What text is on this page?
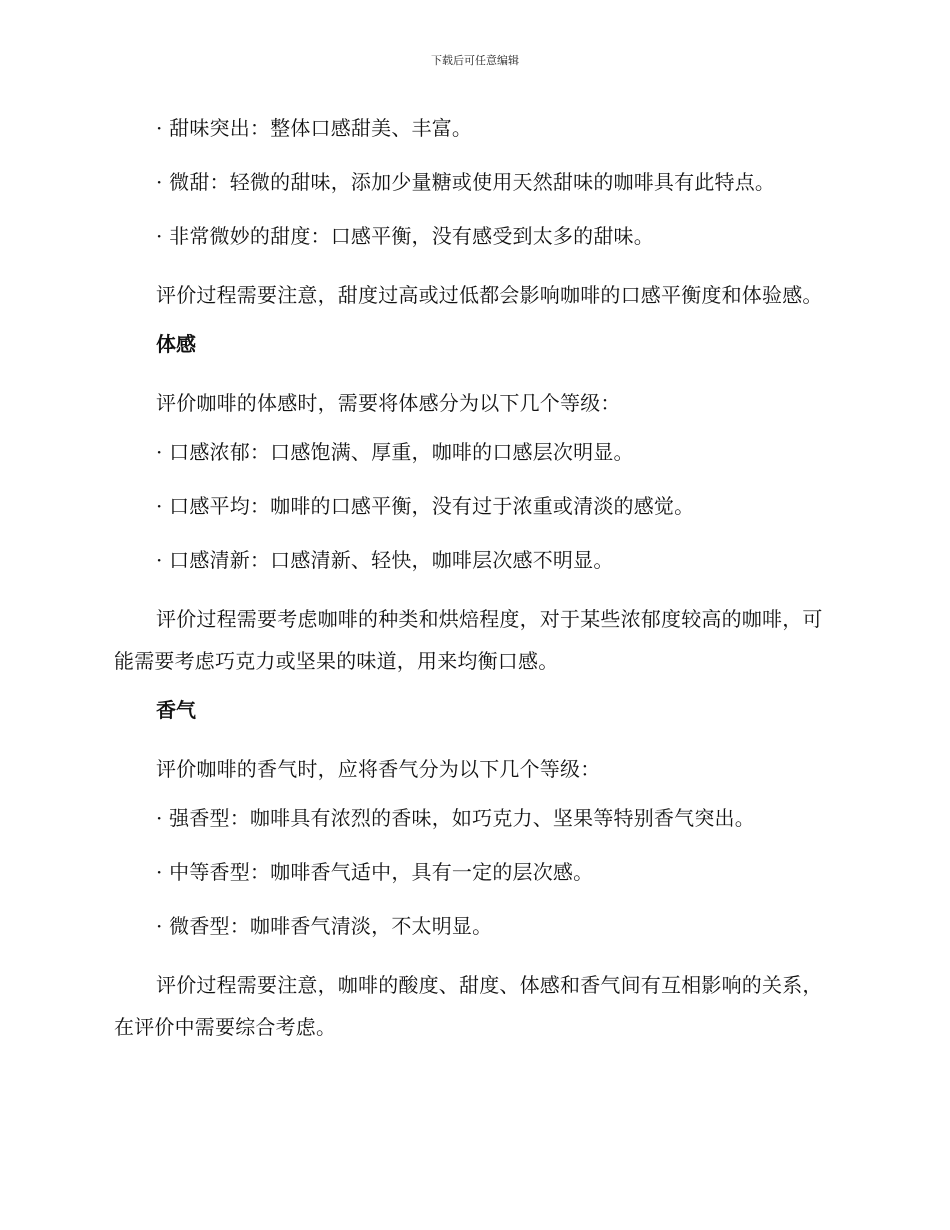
下载后可任意编辑

· 甜味突出：整体口感甜美、丰富。

· 微甜：轻微的甜味，添加少量糖或使用天然甜味的咖啡具有此特点。

· 非常微妙的甜度：口感平衡，没有感受到太多的甜味。

评价过程需要注意，甜度过高或过低都会影响咖啡的口感平衡度和体验感。

体感

评价咖啡的体感时，需要将体感分为以下几个等级：

· 口感浓郁：口感饱满、厚重，咖啡的口感层次明显。

· 口感平均：咖啡的口感平衡，没有过于浓重或清淡的感觉。

· 口感清新：口感清新、轻快，咖啡层次感不明显。

评价过程需要考虑咖啡的种类和烘焙程度，对于某些浓郁度较高的咖啡，可能需要考虑巧克力或坚果的味道，用来均衡口感。

香气

评价咖啡的香气时，应将香气分为以下几个等级：

· 强香型：咖啡具有浓烈的香味，如巧克力、坚果等特别香气突出。

· 中等香型：咖啡香气适中，具有一定的层次感。

· 微香型：咖啡香气清淡，不太明显。

评价过程需要注意，咖啡的酸度、甜度、体感和香气间有互相影响的关系，在评价中需要综合考虑。
